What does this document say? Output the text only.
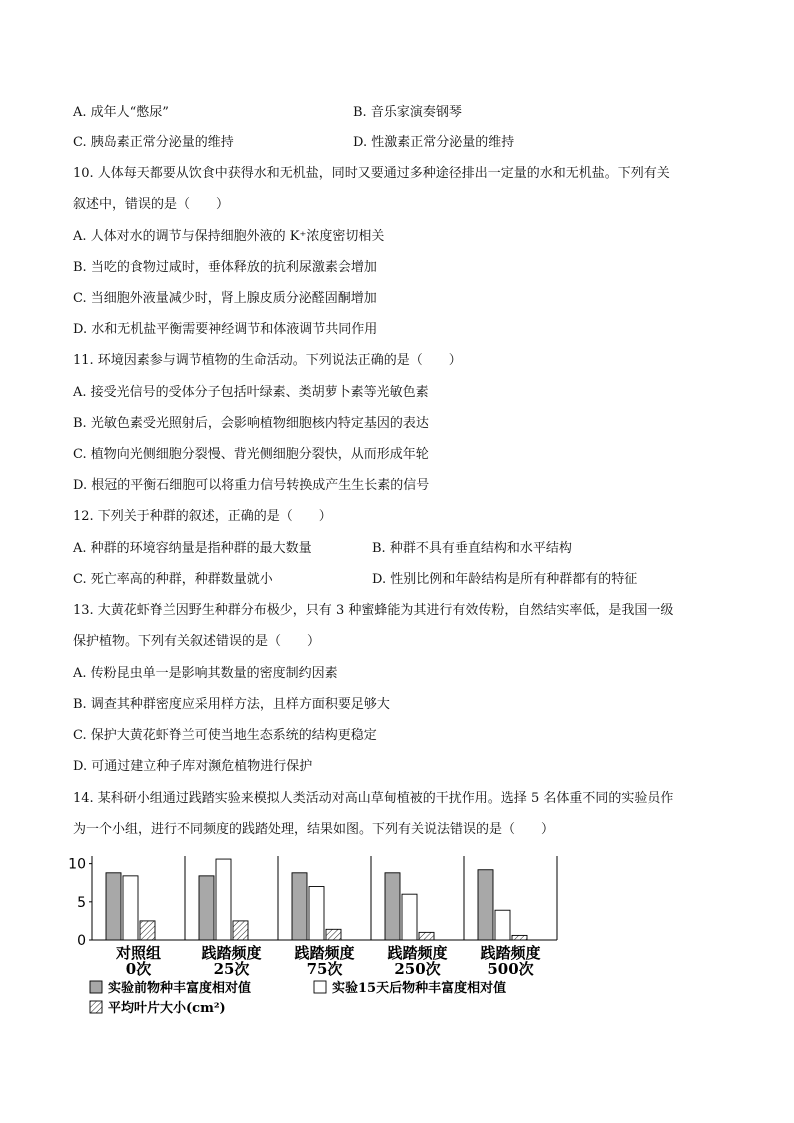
A. 成年人“憋尿”	B. 音乐家演奏钢琴
C. 胰岛素正常分泌量的维持	D. 性激素正常分泌量的维持
10. 人体每天都要从饮食中获得水和无机盐，同时又要通过多种途径排出一定量的水和无机盐。下列有关
叙述中，错误的是（　　）
A. 人体对水的调节与保持细胞外液的 K⁺浓度密切相关
B. 当吃的食物过咸时，垂体释放的抗利尿激素会增加
C. 当细胞外液量减少时，肾上腺皮质分泌醛固酮增加
D. 水和无机盐平衡需要神经调节和体液调节共同作用
11. 环境因素参与调节植物的生命活动。下列说法正确的是（　　）
A. 接受光信号的受体分子包括叶绿素、类胡萝卜素等光敏色素
B. 光敏色素受光照射后，会影响植物细胞核内特定基因的表达
C. 植物向光侧细胞分裂慢、背光侧细胞分裂快，从而形成年轮
D. 根冠的平衡石细胞可以将重力信号转换成产生生长素的信号
12. 下列关于种群的叙述，正确的是（　　）
A. 种群的环境容纳量是指种群的最大数量	B. 种群不具有垂直结构和水平结构
C. 死亡率高的种群，种群数量就小	D. 性别比例和年龄结构是所有种群都有的特征
13. 大黄花虾脊兰因野生种群分布极少，只有 3 种蜜蜂能为其进行有效传粉，自然结实率低，是我国一级
保护植物。下列有关叙述错误的是（　　）
A. 传粉昆虫单一是影响其数量的密度制约因素
B. 调查其种群密度应采用样方法，且样方面积要足够大
C. 保护大黄花虾脊兰可使当地生态系统的结构更稳定
D. 可通过建立种子库对濒危植物进行保护
14. 某科研小组通过践踏实验来模拟人类活动对高山草甸植被的干扰作用。选择 5 名体重不同的实验员作
为一个小组，进行不同频度的践踏处理，结果如图。下列有关说法错误的是（　　）
0
5
10
对照组
0次
践踏频度
25次
践踏频度
75次
践踏频度
250次
践踏频度
500次
实验前物种丰富度相对值	实验15天后物种丰富度相对值
平均叶片大小(cm²)
